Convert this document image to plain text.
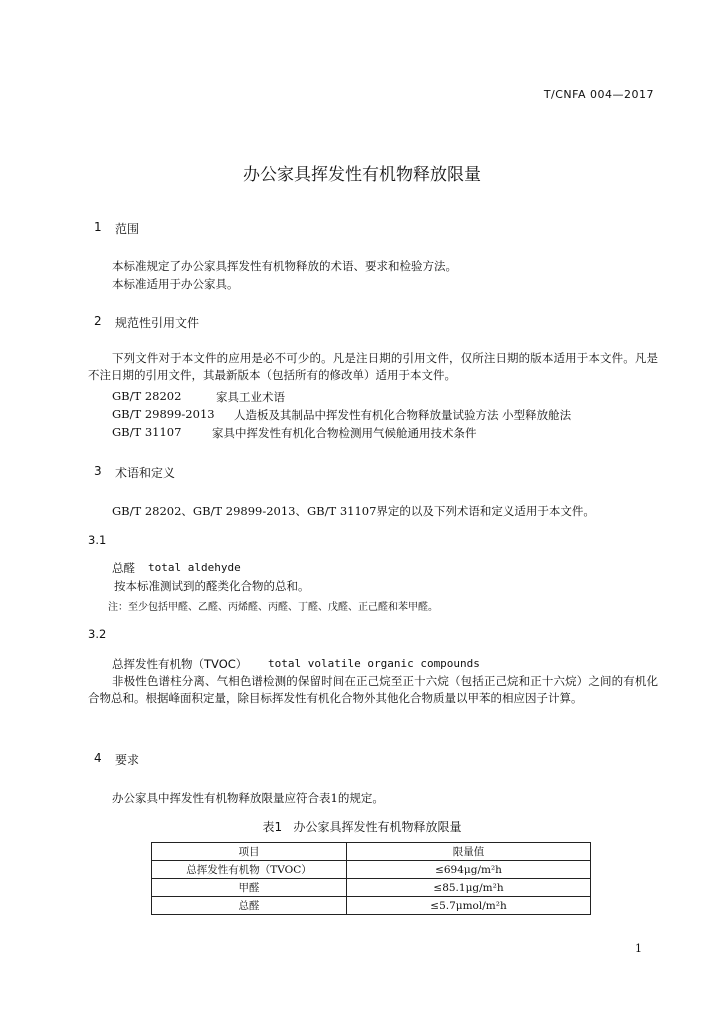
T/CNFA 004—2017
办公家具挥发性有机物释放限量
1 范围
本标准规定了办公家具挥发性有机物释放的术语、要求和检验方法。
本标准适用于办公家具。
2 规范性引用文件
下列文件对于本文件的应用是必不可少的。凡是注日期的引用文件，仅所注日期的版本适用于本文件。凡是不注日期的引用文件，其最新版本（包括所有的修改单）适用于本文件。
GB/T 28202	家具工业术语
GB/T 29899-2013 人造板及其制品中挥发性有机化合物释放量试验方法 小型释放舱法
GB/T 31107	家具中挥发性有机化合物检测用气候舱通用技术条件
3 术语和定义
GB/T 28202、GB/T 29899-2013、GB/T 31107界定的以及下列术语和定义适用于本文件。
3.1
总醛 total aldehyde
按本标准测试到的醛类化合物的总和。
注：至少包括甲醛、乙醛、丙烯醛、丙醛、丁醛、戊醛、正己醛和苯甲醛。
3.2
总挥发性有机物（TVOC） total volatile organic compounds
非极性色谱柱分离、气相色谱检测的保留时间在正己烷至正十六烷（包括正己烷和正十六烷）之间的有机化合物总和。根据峰面积定量，除目标挥发性有机化合物外其他化合物质量以甲苯的相应因子计算。
4 要求
办公家具中挥发性有机物释放限量应符合表1的规定。
表1 办公家具挥发性有机物释放限量
项目	限量值
总挥发性有机物（TVOC）	≤694μg/m²h
甲醛	≤85.1μg/m²h
总醛	≤5.7μmol/m²h
1
